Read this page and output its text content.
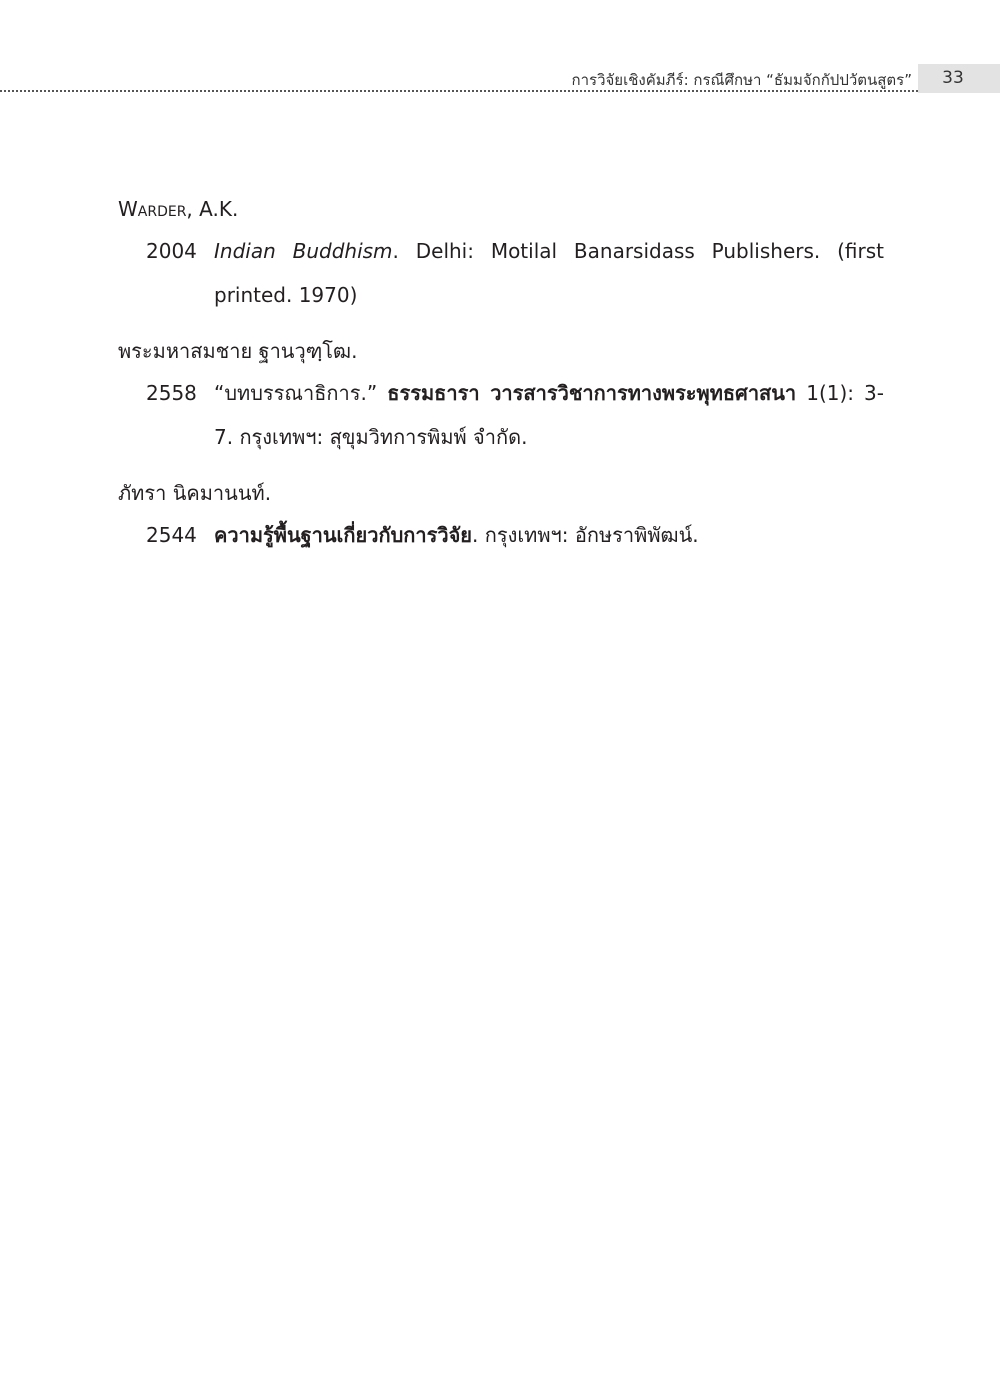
การวิจัยเชิงคัมภีร์: กรณีศึกษา “ธัมมจักกัปปวัตนสูตร”	33
Warder, A.K.
2004 Indian Buddhism. Delhi: Motilal Banarsidass Publishers. (first printed. 1970)
พระมหาสมชาย ฐานวุฑฺโฒ.
2558 “บทบรรณาธิการ.” ธรรมธารา วารสารวิชาการทางพระพุทธศาสนา 1(1): 3-7. กรุงเทพฯ: สุขุมวิทการพิมพ์ จำกัด.
ภัทรา นิคมานนท์.
2544 ความรู้พื้นฐานเกี่ยวกับการวิจัย. กรุงเทพฯ: อักษราพิพัฒน์.
